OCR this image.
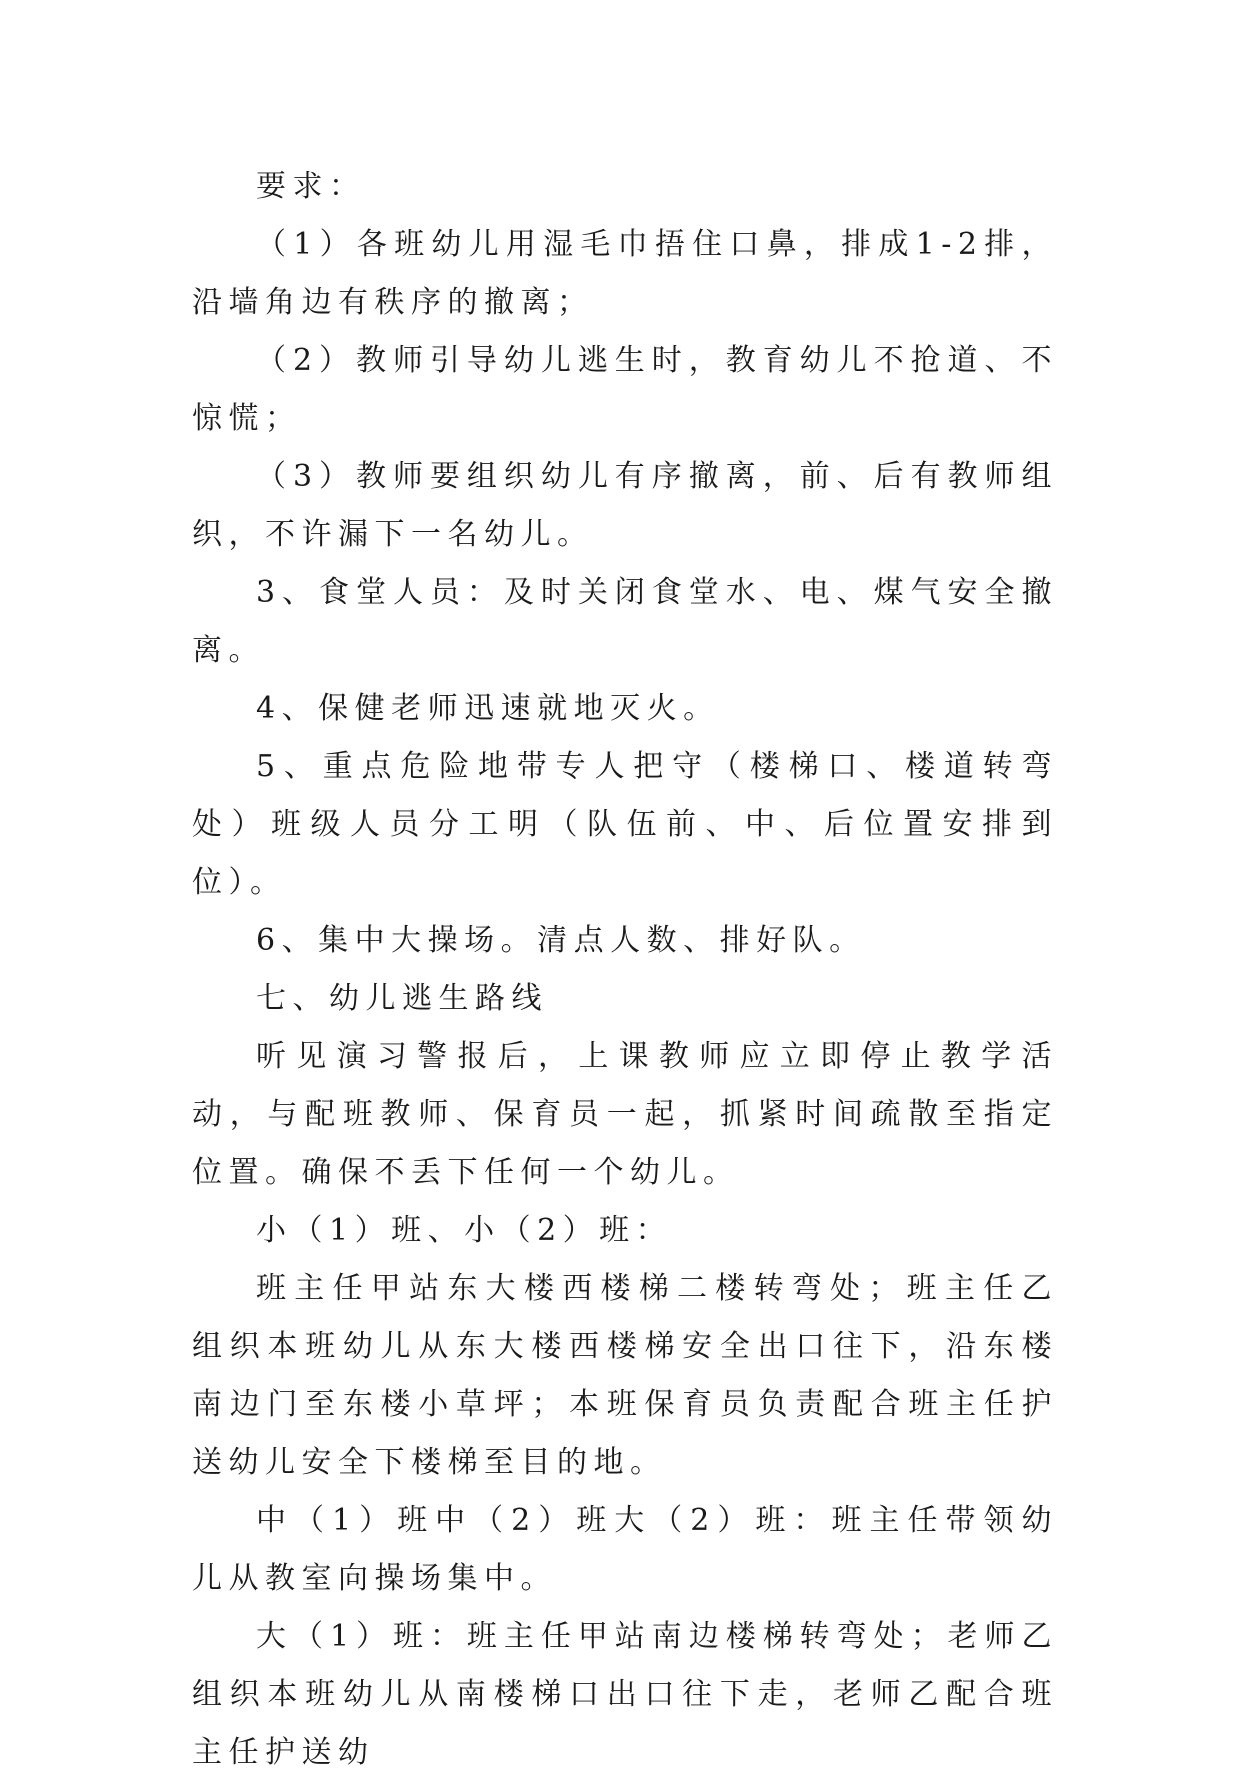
要求：

（1）各班幼儿用湿毛巾捂住口鼻，排成1-2排，沿墙角边有秩序的撤离；

（2）教师引导幼儿逃生时，教育幼儿不抢道、不惊慌；

（3）教师要组织幼儿有序撤离，前、后有教师组织，不许漏下一名幼儿。

3、食堂人员：及时关闭食堂水、电、煤气安全撤离。

4、保健老师迅速就地灭火。

5、重点危险地带专人把守（楼梯口、楼道转弯处）班级人员分工明（队伍前、中、后位置安排到位）。

6、集中大操场。清点人数、排好队。

七、幼儿逃生路线

听见演习警报后，上课教师应立即停止教学活动，与配班教师、保育员一起，抓紧时间疏散至指定位置。确保不丢下任何一个幼儿。

小（1）班、小（2）班：

班主任甲站东大楼西楼梯二楼转弯处；班主任乙组织本班幼儿从东大楼西楼梯安全出口往下，沿东楼南边门至东楼小草坪；本班保育员负责配合班主任护送幼儿安全下楼梯至目的地。

中（1）班中（2）班大（2）班：班主任带领幼儿从教室向操场集中。

大（1）班：班主任甲站南边楼梯转弯处；老师乙组织本班幼儿从南楼梯口出口往下走，老师乙配合班主任护送幼
